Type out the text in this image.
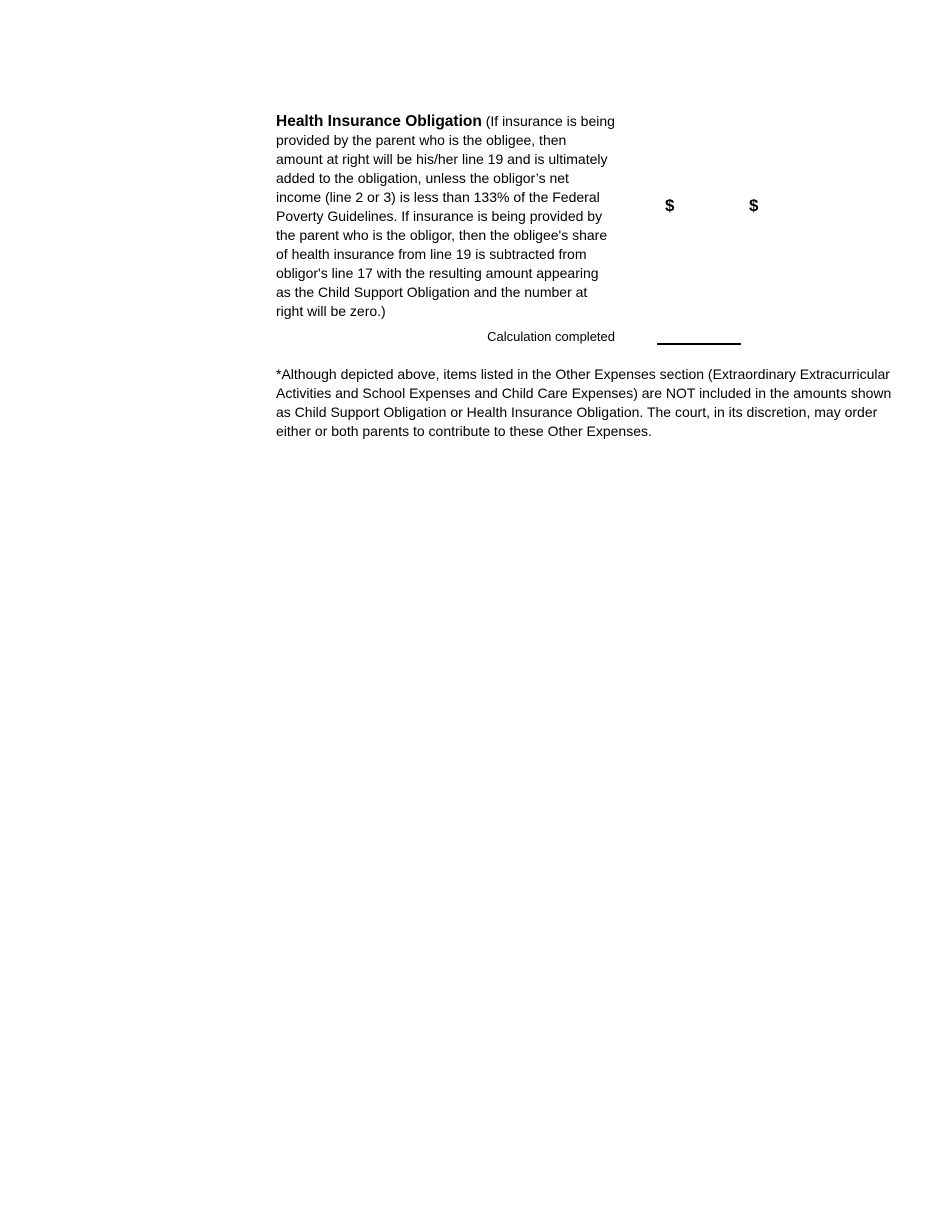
Health Insurance Obligation (If insurance is being provided by the parent who is the obligee, then amount at right will be his/her line 19 and is ultimately added to the obligation, unless the obligor’s net income (line 2 or 3) is less than 133% of the Federal Poverty Guidelines. If insurance is being provided by the parent who is the obligor, then the obligee's share of health insurance from line 19 is subtracted from obligor's line 17 with the resulting amount appearing as the Child Support Obligation and the number at right will be zero.)
$	$
Calculation completed
*Although depicted above, items listed in the Other Expenses section (Extraordinary Extracurricular Activities and School Expenses and Child Care Expenses) are NOT included in the amounts shown as Child Support Obligation or Health Insurance Obligation. The court, in its discretion, may order either or both parents to contribute to these Other Expenses.
